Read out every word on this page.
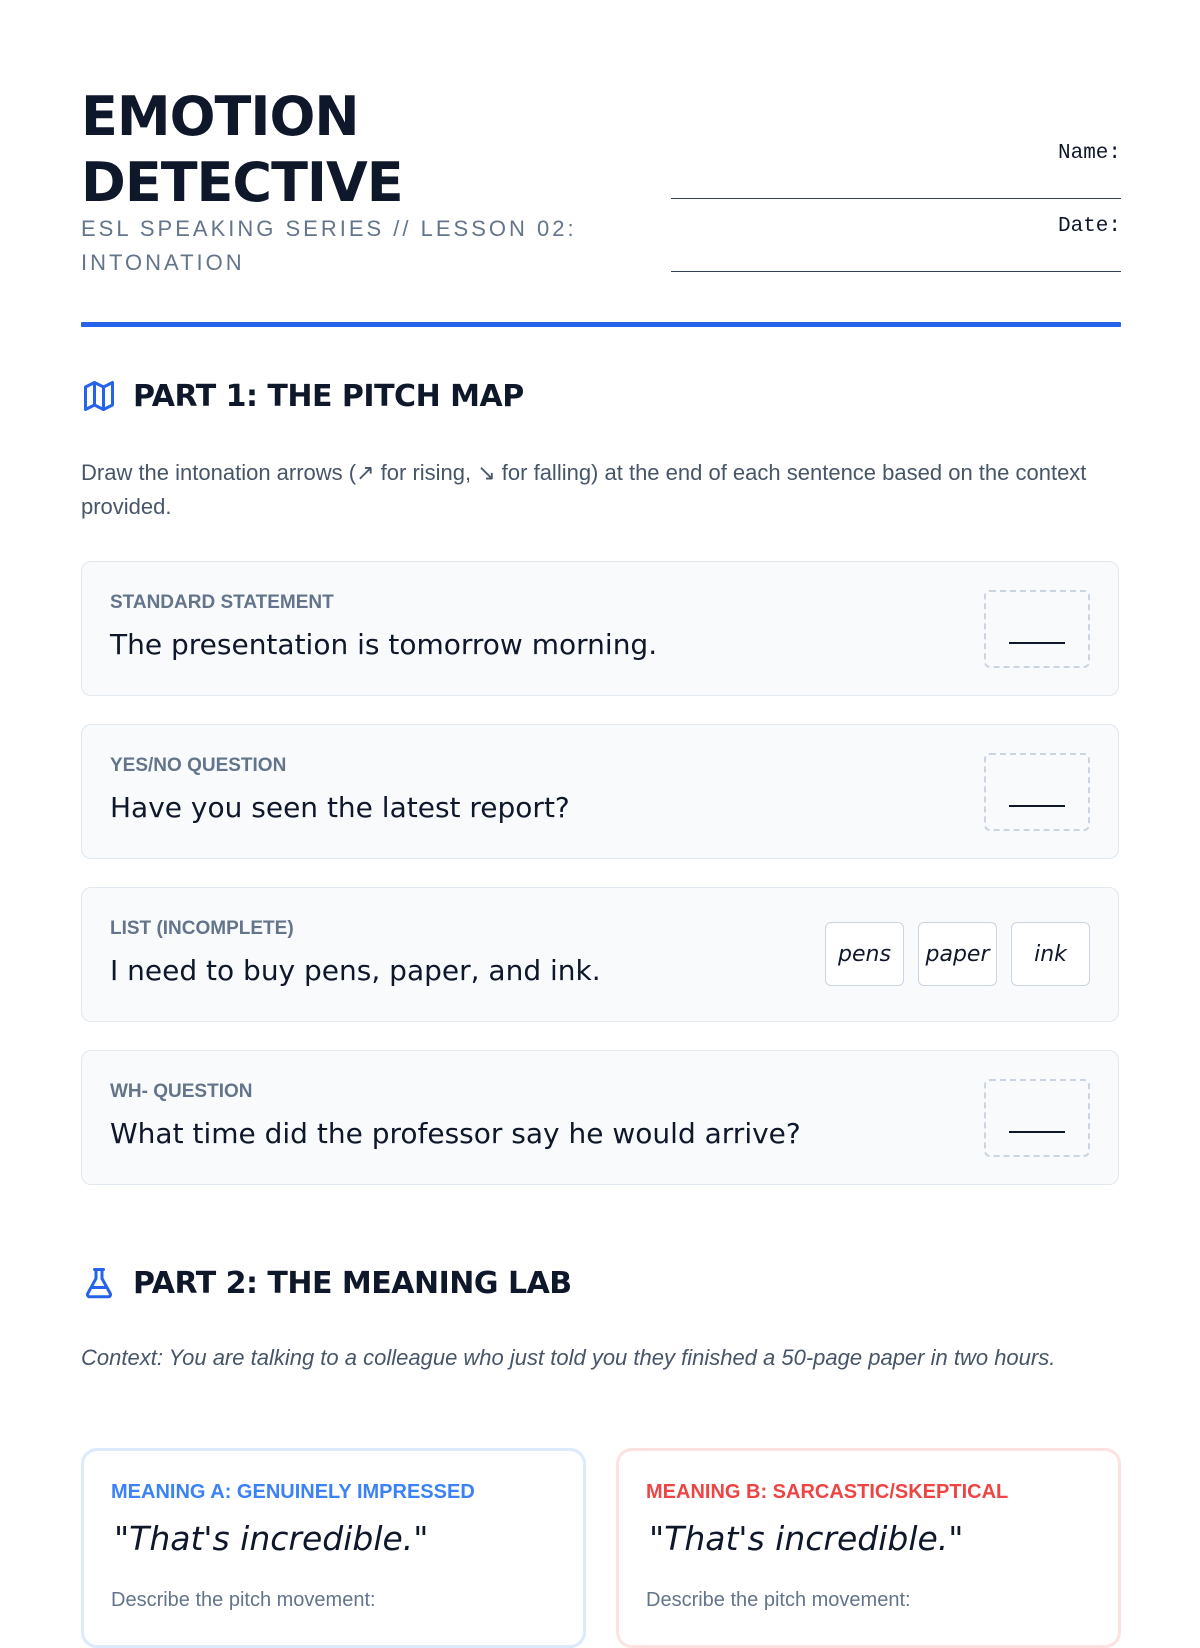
EMOTION DETECTIVE
ESL SPEAKING SERIES // LESSON 02: INTONATION
Name:
Date:
PART 1: THE PITCH MAP
Draw the intonation arrows (↗ for rising, ↘ for falling) at the end of each sentence based on the context provided.
STANDARD STATEMENT
The presentation is tomorrow morning.
YES/NO QUESTION
Have you seen the latest report?
LIST (INCOMPLETE)
I need to buy pens, paper, and ink.	pens	paper	ink
WH- QUESTION
What time did the professor say he would arrive?
PART 2: THE MEANING LAB
Context: You are talking to a colleague who just told you they finished a 50-page paper in two hours.
MEANING A: GENUINELY IMPRESSED
"That's incredible."
Describe the pitch movement:
MEANING B: SARCASTIC/SKEPTICAL
"That's incredible."
Describe the pitch movement:
